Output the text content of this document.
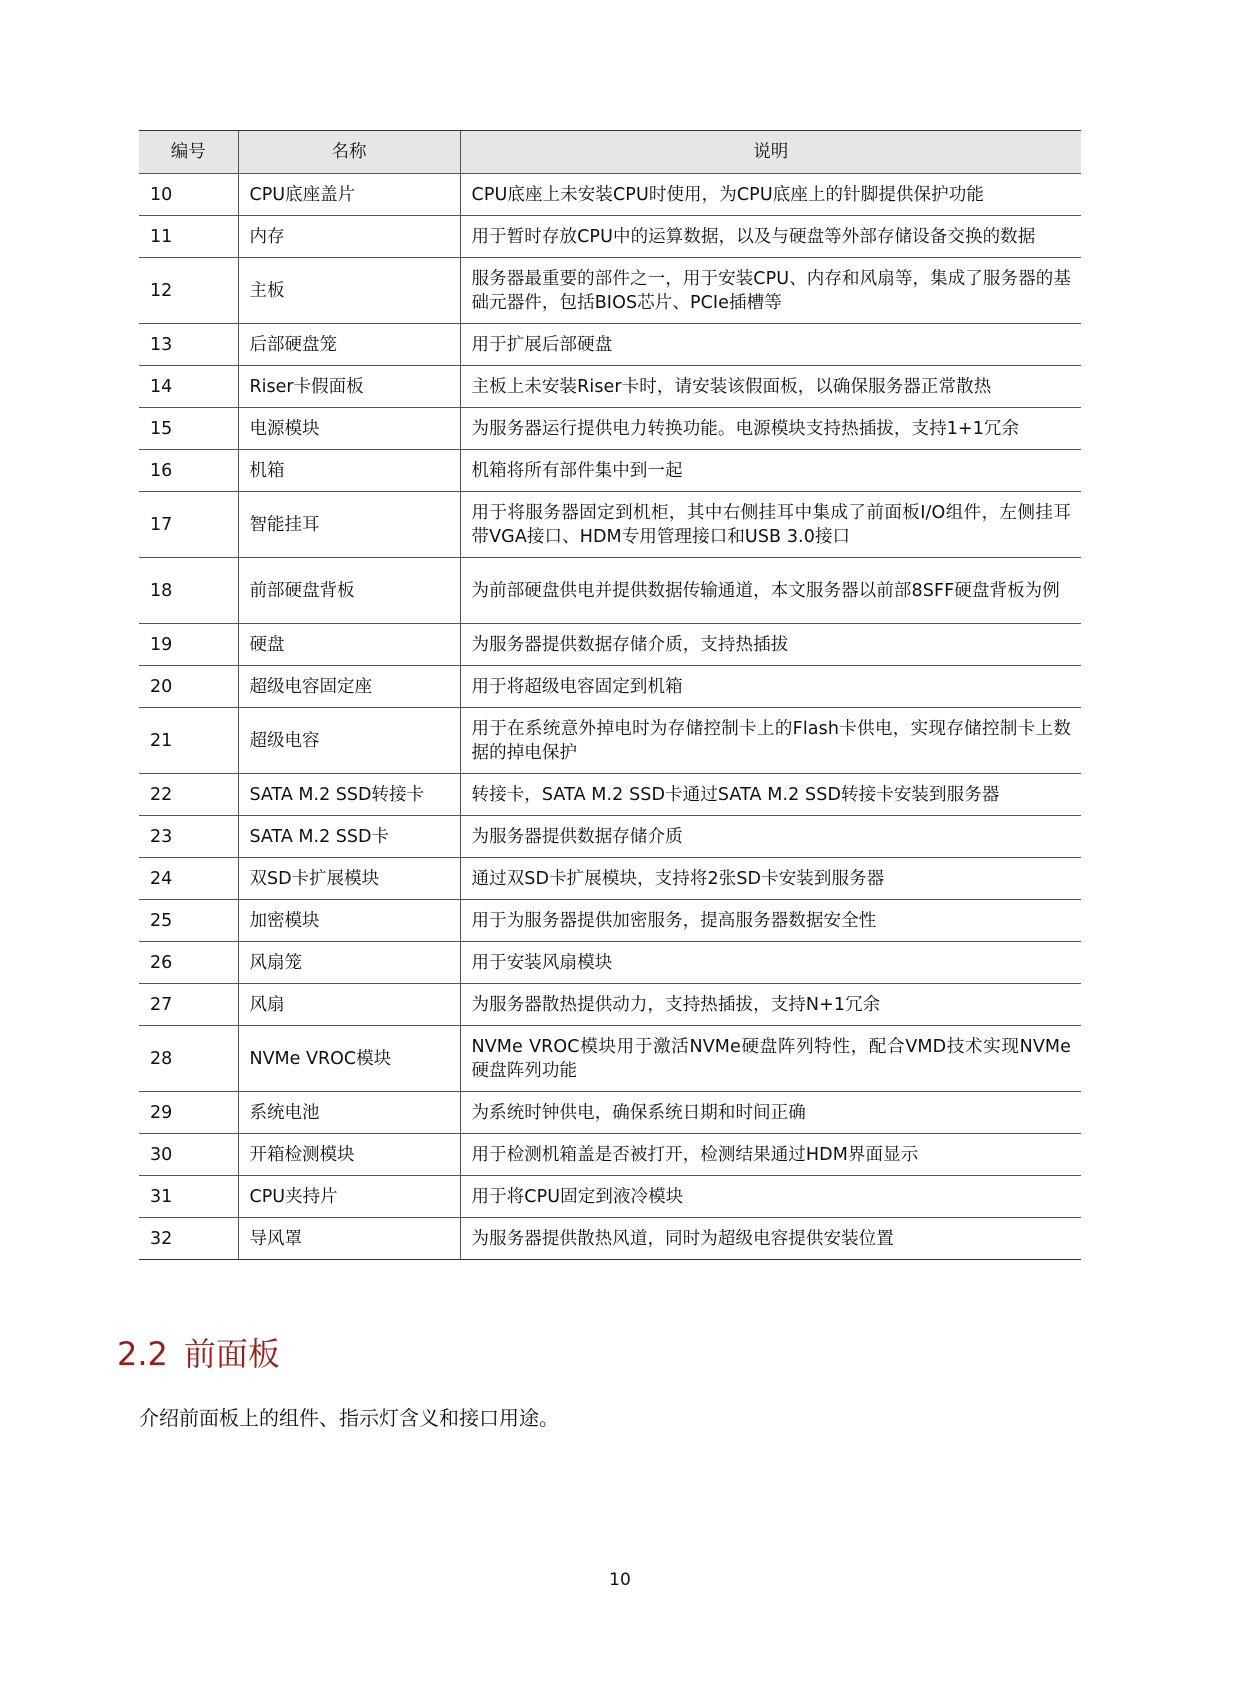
编号	名称	说明
10	CPU底座盖片	CPU底座上未安装CPU时使用，为CPU底座上的针脚提供保护功能
11	内存	用于暂时存放CPU中的运算数据，以及与硬盘等外部存储设备交换的数据
12	主板	服务器最重要的部件之一，用于安装CPU、内存和风扇等，集成了服务器的基础元器件，包括BIOS芯片、PCIe插槽等
13	后部硬盘笼	用于扩展后部硬盘
14	Riser卡假面板	主板上未安装Riser卡时，请安装该假面板，以确保服务器正常散热
15	电源模块	为服务器运行提供电力转换功能。电源模块支持热插拔，支持1+1冗余
16	机箱	机箱将所有部件集中到一起
17	智能挂耳	用于将服务器固定到机柜，其中右侧挂耳中集成了前面板I/O组件，左侧挂耳带VGA接口、HDM专用管理接口和USB 3.0接口
18	前部硬盘背板	为前部硬盘供电并提供数据传输通道，本文服务器以前部8SFF硬盘背板为例
19	硬盘	为服务器提供数据存储介质，支持热插拔
20	超级电容固定座	用于将超级电容固定到机箱
21	超级电容	用于在系统意外掉电时为存储控制卡上的Flash卡供电，实现存储控制卡上数据的掉电保护
22	SATA M.2 SSD转接卡	转接卡，SATA M.2 SSD卡通过SATA M.2 SSD转接卡安装到服务器
23	SATA M.2 SSD卡	为服务器提供数据存储介质
24	双SD卡扩展模块	通过双SD卡扩展模块，支持将2张SD卡安装到服务器
25	加密模块	用于为服务器提供加密服务，提高服务器数据安全性
26	风扇笼	用于安装风扇模块
27	风扇	为服务器散热提供动力，支持热插拔，支持N+1冗余
28	NVMe VROC模块	NVMe VROC模块用于激活NVMe硬盘阵列特性，配合VMD技术实现NVMe硬盘阵列功能
29	系统电池	为系统时钟供电，确保系统日期和时间正确
30	开箱检测模块	用于检测机箱盖是否被打开，检测结果通过HDM界面显示
31	CPU夹持片	用于将CPU固定到液冷模块
32	导风罩	为服务器提供散热风道，同时为超级电容提供安装位置
2.2 前面板

介绍前面板上的组件、指示灯含义和接口用途。

10
